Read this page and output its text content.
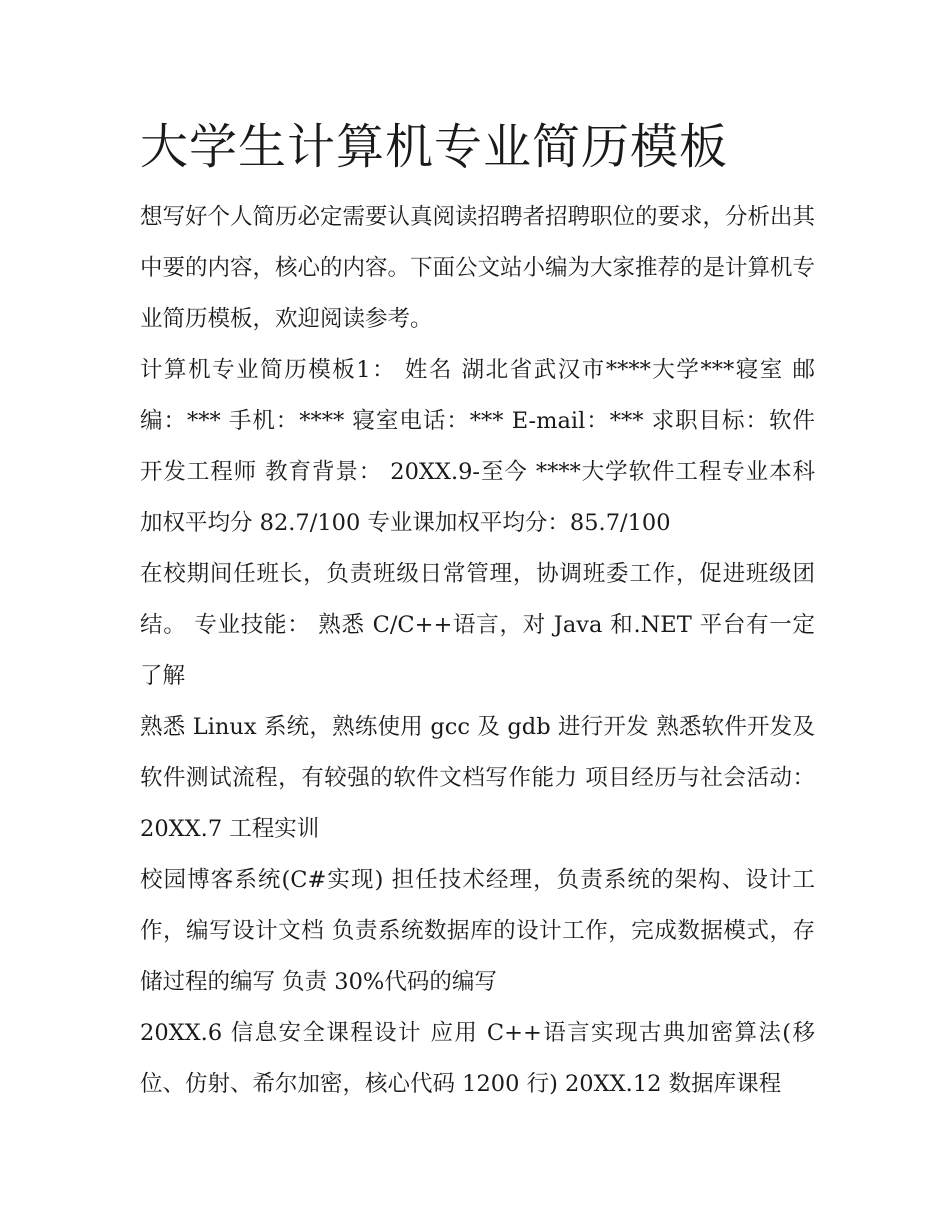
大学生计算机专业简历模板

想写好个人简历必定需要认真阅读招聘者招聘职位的要求，分析出其中要的内容，核心的内容。下面公文站小编为大家推荐的是计算机专业简历模板，欢迎阅读参考。

计算机专业简历模板1： 姓名 湖北省武汉市****大学***寝室 邮编：*** 手机：**** 寝室电话：*** E-mail：*** 求职目标：软件开发工程师 教育背景： 20XX.9-至今 ****大学软件工程专业本科 加权平均分 82.7/100 专业课加权平均分：85.7/100

在校期间任班长，负责班级日常管理，协调班委工作，促进班级团结。 专业技能： 熟悉 C/C++语言，对 Java 和.NET 平台有一定了解

熟悉 Linux 系统，熟练使用 gcc 及 gdb 进行开发 熟悉软件开发及软件测试流程，有较强的软件文档写作能力 项目经历与社会活动： 20XX.7 工程实训

校园博客系统(C#实现) 担任技术经理，负责系统的架构、设计工作，编写设计文档 负责系统数据库的设计工作，完成数据模式，存储过程的编写 负责 30%代码的编写

20XX.6 信息安全课程设计 应用 C++语言实现古典加密算法(移位、仿射、希尔加密，核心代码 1200 行) 20XX.12 数据库课程
